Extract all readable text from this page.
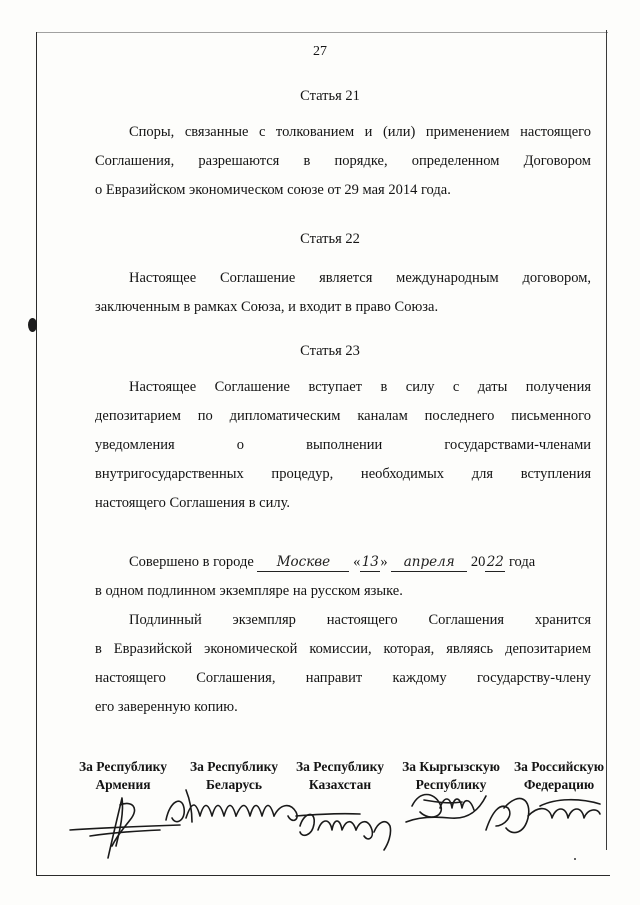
27
Статья 21
Споры, связанные с толкованием и (или) применением настоящего
Соглашения, разрешаются в порядке, определенном Договором
о Евразийском экономическом союзе от 29 мая 2014 года.
Статья 22
Настоящее Соглашение является международным договором,
заключенным в рамках Союза, и входит в право Союза.
Статья 23
Настоящее Соглашение вступает в силу с даты получения
депозитарием по дипломатическим каналам последнего письменного
уведомления о выполнении государствами-членами
внутригосударственных процедур, необходимых для вступления
настоящего Соглашения в силу.
Совершено в городе Москве «13» апреля 2022 года
в одном подлинном экземпляре на русском языке.
Подлинный экземпляр настоящего Соглашения хранится
в Евразийской экономической комиссии, которая, являясь депозитарием
настоящего Соглашения, направит каждому государству-члену
его заверенную копию.
За Республику
Армения
За Республику
Беларусь
За Республику
Казахстан
За Кыргызскую
Республику
За Российскую
Федерацию
